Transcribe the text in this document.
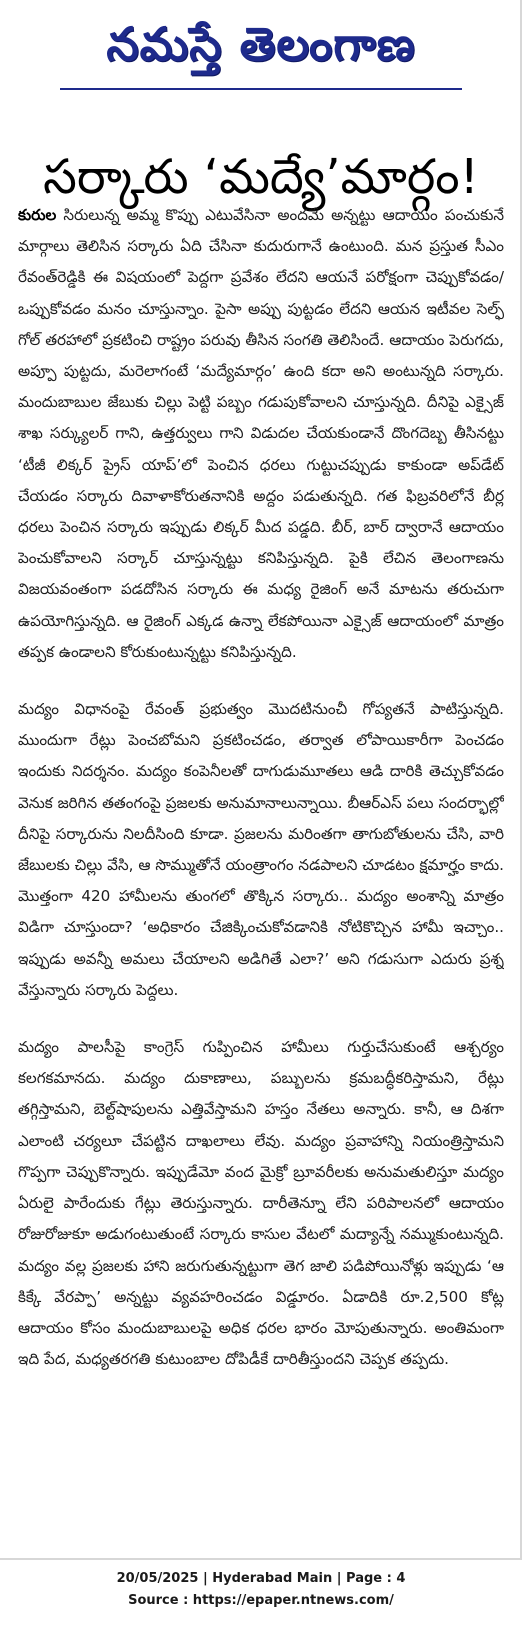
నమస్తే తెలంగాణ
సర్కారు ‘మద్యే’మార్గం!

కురుల సిరులున్న అమ్మ కొప్పు ఎటువేసినా అందమే అన్నట్టు ఆదాయం పంచుకునే మార్గాలు తెలిసిన సర్కారు ఏది చేసినా కుదురుగానే ఉంటుంది. మన ప్రస్తుత సీఎం రేవంత్‌రెడ్డికి ఈ విషయంలో పెద్దగా ప్రవేశం లేదని ఆయనే పరోక్షంగా చెప్పుకోవడం/ఒప్పుకోవడం మనం చూస్తున్నాం. పైసా అప్పు పుట్టడం లేదని ఆయన ఇటీవల సెల్ఫ్ గోల్ తరహాలో ప్రకటించి రాష్ట్రం పరువు తీసిన సంగతి తెలిసిందే. ఆదాయం పెరుగదు, అప్పూ పుట్టదు, మరెలాగంటే ‘మద్యేమార్గం’ ఉంది కదా అని అంటున్నది సర్కారు. మందుబాబుల జేబుకు చిల్లు పెట్టి పబ్బం గడుపుకోవాలని చూస్తున్నది. దీనిపై ఎక్సైజ్ శాఖ సర్క్యులర్ గాని, ఉత్తర్వులు గాని విడుదల చేయకుండానే దొంగదెబ్బ తీసినట్టు ‘టీజీ లిక్కర్ ప్రైస్ యాప్’లో పెంచిన ధరలు గుట్టుచప్పుడు కాకుండా అప్‌డేట్ చేయడం సర్కారు దివాళాకోరుతనానికి అద్దం పడుతున్నది. గత ఫిబ్రవరిలోనే బీర్ల ధరలు పెంచిన సర్కారు ఇప్పుడు లిక్కర్ మీద పడ్డది. బీర్, బార్ ద్వారానే ఆదాయం పెంచుకోవాలని సర్కార్ చూస్తున్నట్టు కనిపిస్తున్నది. పైకి లేచిన తెలంగాణను విజయవంతంగా పడదోసిన సర్కారు ఈ మధ్య రైజింగ్ అనే మాటను తరుచుగా ఉపయోగిస్తున్నది. ఆ రైజింగ్ ఎక్కడ ఉన్నా లేకపోయినా ఎక్సైజ్ ఆదాయంలో మాత్రం తప్పక ఉండాలని కోరుకుంటున్నట్టు కనిపిస్తున్నది.

మద్యం విధానంపై రేవంత్ ప్రభుత్వం మొదటినుంచీ గోప్యతనే పాటిస్తున్నది. ముందుగా రేట్లు పెంచబోమని ప్రకటించడం, తర్వాత లోపాయికారీగా పెంచడం ఇందుకు నిదర్శనం. మద్యం కంపెనీలతో దాగుడుమూతలు ఆడి దారికి తెచ్చుకోవడం వెనుక జరిగిన తతంగంపై ప్రజలకు అనుమానాలున్నాయి. బీఆర్‌ఎస్ పలు సందర్భాల్లో దీనిపై సర్కారును నిలదీసింది కూడా. ప్రజలను మరింతగా తాగుబోతులను చేసి, వారి జేబులకు చిల్లు వేసి, ఆ సొమ్ముతోనే యంత్రాంగం నడపాలని చూడటం క్షమార్హం కాదు. మొత్తంగా 420 హామీలను తుంగలో తొక్కిన సర్కారు.. మద్యం అంశాన్ని మాత్రం విడిగా చూస్తుందా? ‘అధికారం చేజిక్కించుకోవడానికి నోటికొచ్చిన హామీ ఇచ్చాం.. ఇప్పుడు అవన్నీ అమలు చేయాలని అడిగితే ఎలా?’ అని గడుసుగా ఎదురు ప్రశ్న వేస్తున్నారు సర్కారు పెద్దలు.

మద్యం పాలసీపై కాంగ్రెస్ గుప్పించిన హామీలు గుర్తుచేసుకుంటే ఆశ్చర్యం కలగకమానదు. మద్యం దుకాణాలు, పబ్బులను క్రమబద్ధీకరిస్తామని, రేట్లు తగ్గిస్తామని, బెల్ట్‌షాపులను ఎత్తివేస్తామని హస్తం నేతలు అన్నారు. కానీ, ఆ దిశగా ఎలాంటి చర్యలూ చేపట్టిన దాఖలాలు లేవు. మద్యం ప్రవాహాన్ని నియంత్రిస్తామని గొప్పగా చెప్పుకొన్నారు. ఇప్పుడేమో వంద మైక్రో బ్రూవరీలకు అనుమతులిస్తూ మద్యం ఏరులై పారేందుకు గేట్లు తెరుస్తున్నారు. దారీతెన్నూ లేని పరిపాలనలో ఆదాయం రోజురోజుకూ అడుగంటుతుంటే సర్కారు కాసుల వేటలో మద్యాన్నే నమ్ముకుంటున్నది. మద్యం వల్ల ప్రజలకు హాని జరుగుతున్నట్టుగా తెగ జాలి పడిపోయినోళ్లు ఇప్పుడు ‘ఆ కిక్కే వేరప్పా’ అన్నట్టు వ్యవహరించడం విడ్డూరం. ఏడాదికి రూ.2,500 కోట్ల ఆదాయం కోసం మందుబాబులపై అధిక ధరల భారం మోపుతున్నారు. అంతిమంగా ఇది పేద, మధ్యతరగతి కుటుంబాల దోపిడీకే దారితీస్తుందని చెప్పక తప్పదు.

20/05/2025 | Hyderabad Main | Page : 4
Source : https://epaper.ntnews.com/
